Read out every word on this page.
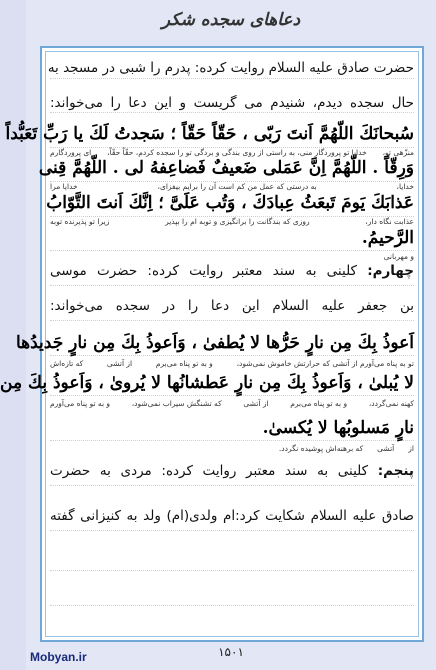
دعاهای سجده شکر
حضرت صادق عليه السلام روايت كرده: پدرم را شبی در مسجد به
حال سجده ديدم، شنيدم می گريست و اين دعا را می‌خواند:
سُبحانَكَ اللّهُمَّ اَنتَ رَبّی ، حَقّاً حَقّاً ؛ سَجدتُ لَكَ يا رَبِّ تَعَبُّداً
منزّهی تو،
خدايا تو پروردگار منی، به راستی از روی بندگی و بردگی تو را سجده كردم، حقّاً حقّاً،
ای پروردگارم
وَرِقّاً . اللّهُمَّ اِنَّ عَمَلی ضَعيفٌ فَضاعِفهُ لی . اللّهُمَّ قِنی
خدايا،
به درستی كه عمل من كم است آن را برايم بيفزای،
خدايا مرا
عَذابَكَ يَومَ تَبعَثُ عِبادَكَ ، وَتُب عَلَیَّ ؛ اِنَّكَ اَنتَ التَّوّابُ
عذابت نگاه دار،
روزی كه بندگانت را برانگيزی و توبه ام را بپذير
زيرا تو پذيرنده توبه
الرَّحيمُ.
و مهربانی
چهارم: كلينی به سند معتبر روايت كرده: حضرت موسی
بن جعفر عليه السلام اين دعا را در سجده می‌خواند:
اَعوذُ بِكَ مِن نارٍ حَرُّها لا يُطفیٰ ، وَاَعوذُ بِكَ مِن نارٍ جَديدُها
تو به پناه می‌آورم از آتشی كه حرارتش خاموش نمی‌شود،
و به تو پناه می‌برم
از آتشی
كه تازه‌اش
لا يُبلیٰ ، وَاَعوذُ بِكَ مِن نارٍ عَطشانُها لا يُرویٰ ، وَاَعوذُ بِكَ مِن
كهنه نمی‌گردد،
و به تو پناه می‌برم
از آتشی
كه تشنگش سيراب نمی‌شود،
و به تو پناه می‌آورم
نارٍ مَسلوبُها لا يُكسیٰ.
از
آتشی
كه برهنه‌اش پوشيده نگردد.
پنجم: كلينی به سند معتبر روايت كرده: مردی به حضرت
صادق عليه السلام شكايت كرد:ام ولدی(ام) ولد به كنيزانی گفته
۱۵۰۱
Mobyan.ir
